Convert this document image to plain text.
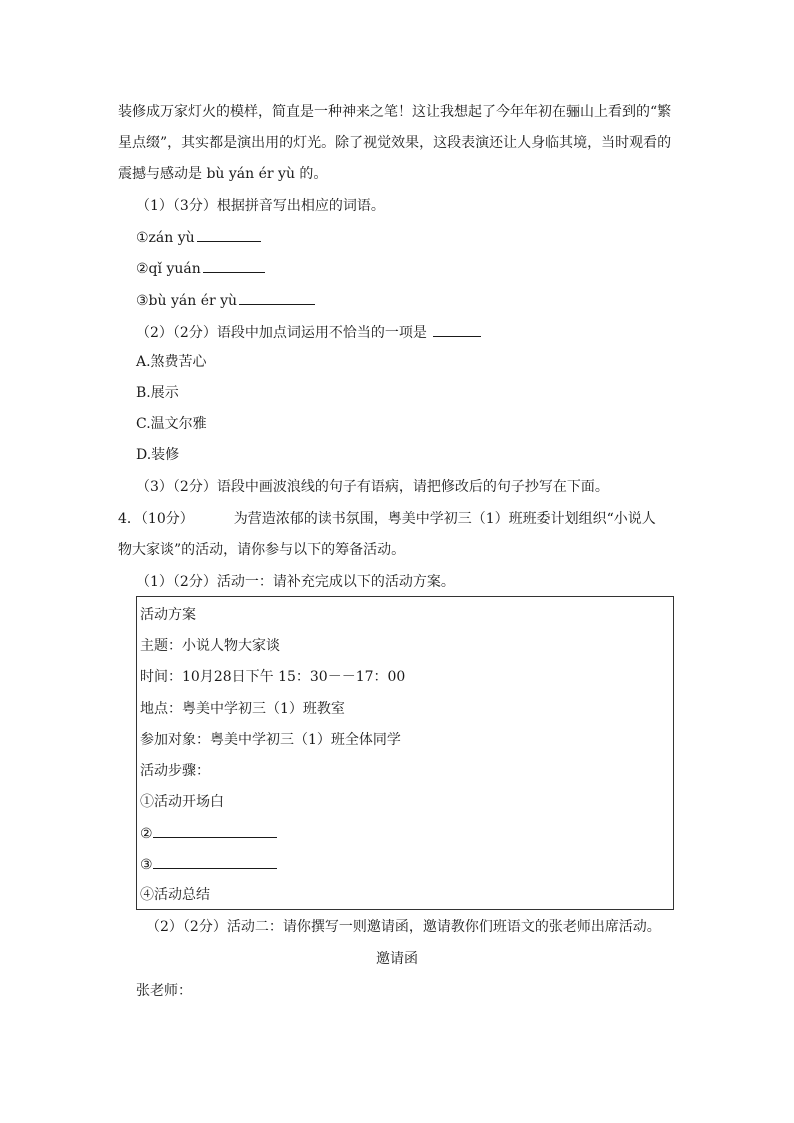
装修成万家灯火的模样，简直是一种神来之笔！这让我想起了今年年初在骊山上看到的“繁
星点缀”，其实都是演出用的灯光。除了视觉效果，这段表演还让人身临其境，当时观看的
震撼与感动是 bù yán ér yù 的。
（1）（3分）根据拼音写出相应的词语。
①zán yù
②qǐ yuán
③bù yán ér yù
（2）（2分）语段中加点词运用不恰当的一项是
A.煞费苦心
B.展示
C.温文尔雅
D.装修
（3）（2分）语段中画波浪线的句子有语病，请把修改后的句子抄写在下面。
4．（10分）	为营造浓郁的读书氛围，粤美中学初三（1）班班委计划组织“小说人
物大家谈”的活动，请你参与以下的筹备活动。
（1）（2分）活动一：请补充完成以下的活动方案。
活动方案
主题：小说人物大家谈
时间：10月28日下午 15：30－－17：00
地点：粤美中学初三（1）班教室
参加对象：粤美中学初三（1）班全体同学
活动步骤：
①活动开场白
②
③
④活动总结
（2）（2分）活动二：请你撰写一则邀请函，邀请教你们班语文的张老师出席活动。
邀请函
张老师：
